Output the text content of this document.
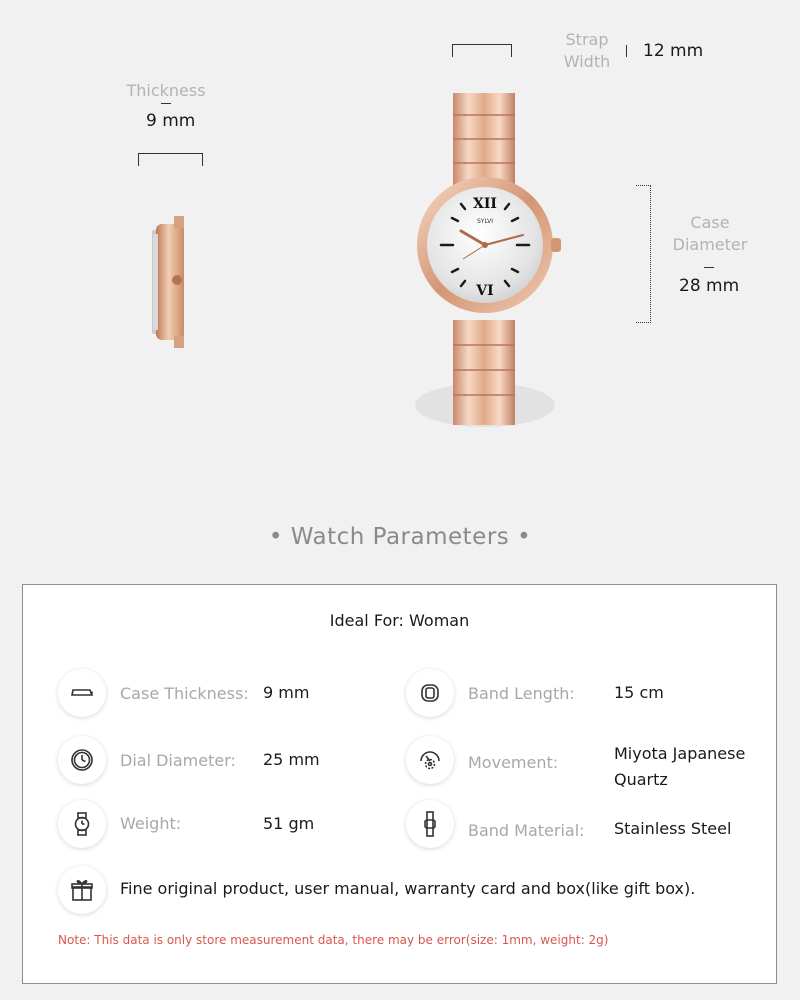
Thickness
9 mm
Strap
Width
12 mm
Case
Diameter
28 mm
XII
VI
SYLVI
• Watch Parameters •
Ideal For: Woman
Case Thickness: 9 mm	Band Length: 15 cm
Dial Diameter: 25 mm	Movement:	Miyota Japanese
Quartz
Weight:	51 gm	Band Material: Stainless Steel
Fine original product, user manual, warranty card and box(like gift box).
Note: This data is only store measurement data, there may be error(size: 1mm, weight: 2g)
